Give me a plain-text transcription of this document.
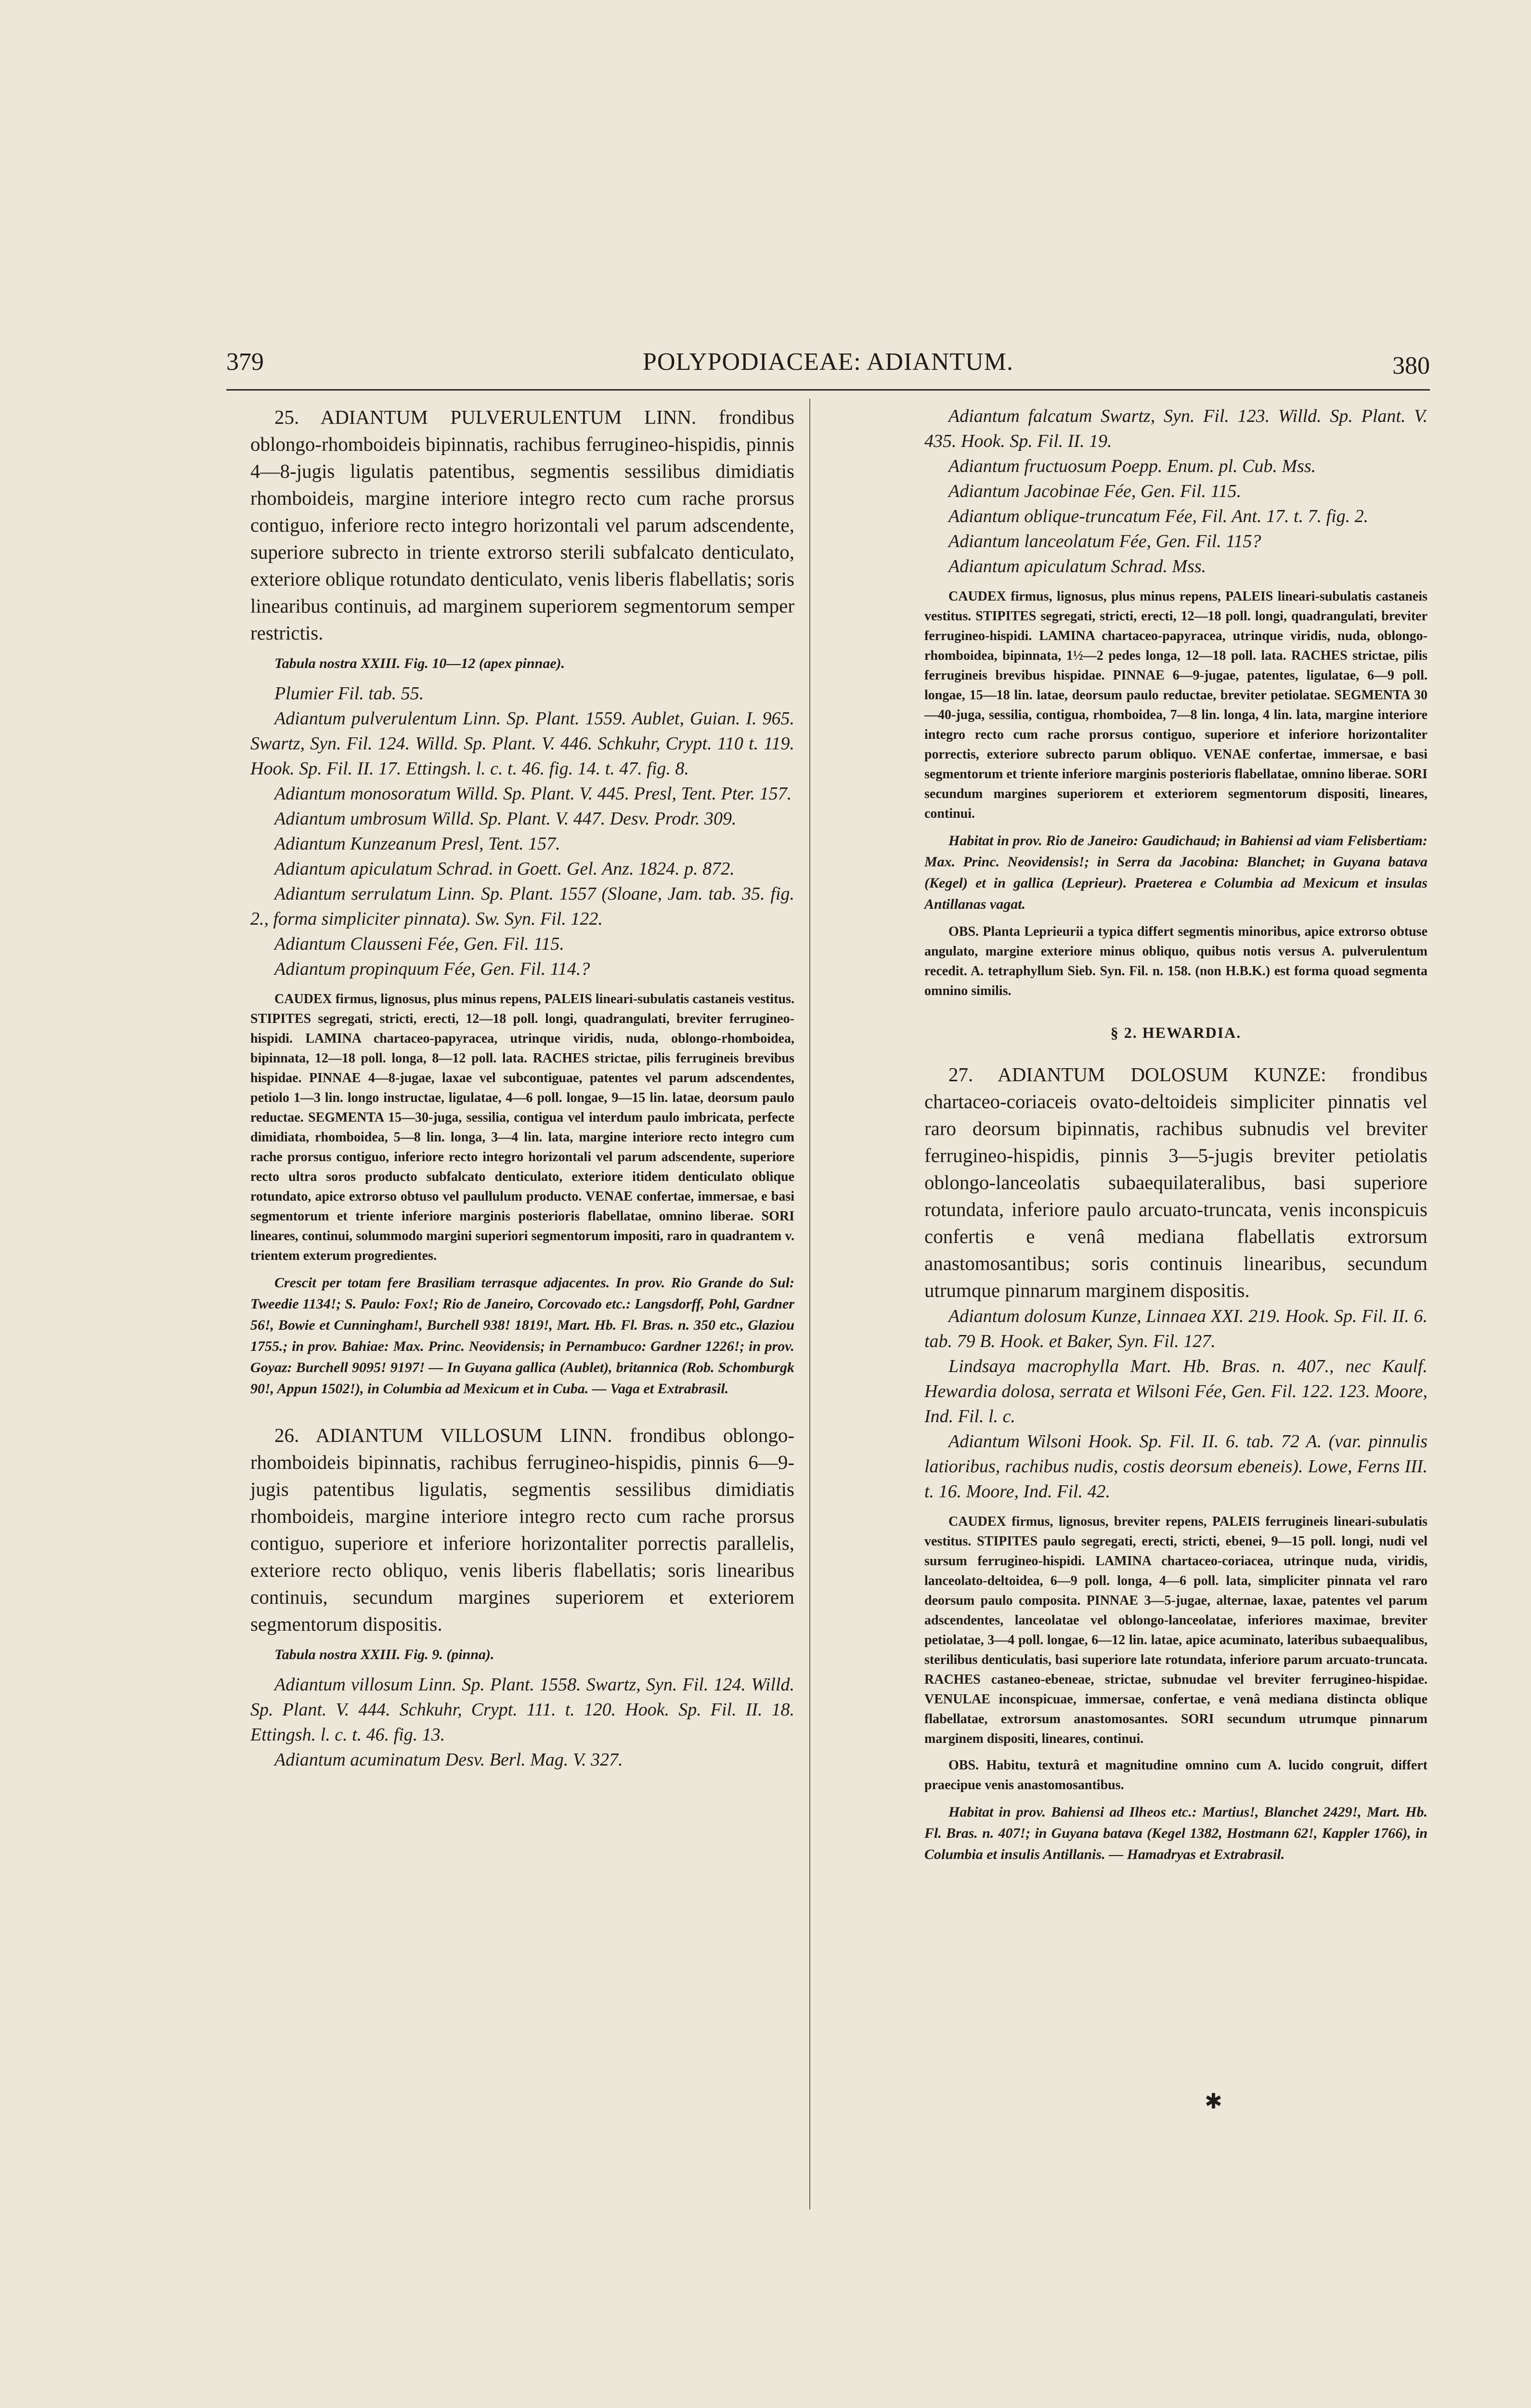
379	POLYPODIACEAE: ADIANTUM.	380

25. ADIANTUM PULVERULENTUM LINN. frondibus oblongo-rhomboideis bipinnatis, rachibus ferrugineo-hispidis, pinnis 4—8-jugis ligulatis patentibus, segmentis sessilibus dimidiatis rhomboideis, margine interiore integro recto cum rache prorsus contiguo, inferiore recto integro horizontali vel parum adscendente, superiore subrecto in triente extrorso sterili subfalcato denticulato, exteriore oblique rotundato denticulato, venis liberis flabellatis; soris linearibus continuis, ad marginem superiorem segmentorum semper restrictis.

Tabula nostra XXIII. Fig. 10—12 (apex pinnae).

Plumier Fil. tab. 55.

Adiantum pulverulentum Linn. Sp. Plant. 1559. Aublet, Guian. I. 965. Swartz, Syn. Fil. 124. Willd. Sp. Plant. V. 446. Schkuhr, Crypt. 110 t. 119. Hook. Sp. Fil. II. 17. Ettingsh. l. c. t. 46. fig. 14. t. 47. fig. 8.

Adiantum monosoratum Willd. Sp. Plant. V. 445. Presl, Tent. Pter. 157.

Adiantum umbrosum Willd. Sp. Plant. V. 447. Desv. Prodr. 309.

Adiantum Kunzeanum Presl, Tent. 157.

Adiantum apiculatum Schrad. in Goett. Gel. Anz. 1824. p. 872.

Adiantum serrulatum Linn. Sp. Plant. 1557 (Sloane, Jam. tab. 35. fig. 2., forma simpliciter pinnata). Sw. Syn. Fil. 122.

Adiantum Clausseni Fée, Gen. Fil. 115.

Adiantum propinquum Fée, Gen. Fil. 114.?

CAUDEX firmus, lignosus, plus minus repens, PALEIS lineari-subulatis castaneis vestitus. STIPITES segregati, stricti, erecti, 12—18 poll. longi, quadrangulati, breviter ferrugineo-hispidi. LAMINA chartaceo-papyracea, utrinque viridis, nuda, oblongo-rhomboidea, bipinnata, 12—18 poll. longa, 8—12 poll. lata. RACHES strictae, pilis ferrugineis brevibus hispidae. PINNAE 4—8-jugae, laxae vel subcontiguae, patentes vel parum adscendentes, petiolo 1—3 lin. longo instructae, ligulatae, 4—6 poll. longae, 9—15 lin. latae, deorsum paulo reductae. SEGMENTA 15—30-juga, sessilia, contigua vel interdum paulo imbricata, perfecte dimidiata, rhomboidea, 5—8 lin. longa, 3—4 lin. lata, margine interiore recto integro cum rache prorsus contiguo, inferiore recto integro horizontali vel parum adscendente, superiore recto ultra soros producto subfalcato denticulato, exteriore itidem denticulato oblique rotundato, apice extrorso obtuso vel paullulum producto. VENAE confertae, immersae, e basi segmentorum et triente inferiore marginis posterioris flabellatae, omnino liberae. SORI lineares, continui, solummodo margini superiori segmentorum impositi, raro in quadrantem v. trientem exterum progredientes.

Crescit per totam fere Brasiliam terrasque adjacentes. In prov. Rio Grande do Sul: Tweedie 1134!; S. Paulo: Fox!; Rio de Janeiro, Corcovado etc.: Langsdorff, Pohl, Gardner 56!, Bowie et Cunningham!, Burchell 938! 1819!, Mart. Hb. Fl. Bras. n. 350 etc., Glaziou 1755.; in prov. Bahiae: Max. Princ. Neovidensis; in Pernambuco: Gardner 1226!; in prov. Goyaz: Burchell 9095! 9197! — In Guyana gallica (Aublet), britannica (Rob. Schomburgk 90!, Appun 1502!), in Columbia ad Mexicum et in Cuba. — Vaga et Extrabrasil.

26. ADIANTUM VILLOSUM LINN. frondibus oblongo-rhomboideis bipinnatis, rachibus ferrugineo-hispidis, pinnis 6—9-jugis patentibus ligulatis, segmentis sessilibus dimidiatis rhomboideis, margine interiore integro recto cum rache prorsus contiguo, superiore et inferiore horizontaliter porrectis parallelis, exteriore recto obliquo, venis liberis flabellatis; soris linearibus continuis, secundum margines superiorem et exteriorem segmentorum dispositis.

Tabula nostra XXIII. Fig. 9. (pinna).

Adiantum villosum Linn. Sp. Plant. 1558. Swartz, Syn. Fil. 124. Willd. Sp. Plant. V. 444. Schkuhr, Crypt. 111. t. 120. Hook. Sp. Fil. II. 18. Ettingsh. l. c. t. 46. fig. 13.

Adiantum acuminatum Desv. Berl. Mag. V. 327.

Adiantum falcatum Swartz, Syn. Fil. 123. Willd. Sp. Plant. V. 435. Hook. Sp. Fil. II. 19.

Adiantum fructuosum Poepp. Enum. pl. Cub. Mss.

Adiantum Jacobinae Fée, Gen. Fil. 115.

Adiantum oblique-truncatum Fée, Fil. Ant. 17. t. 7. fig. 2.

Adiantum lanceolatum Fée, Gen. Fil. 115?

Adiantum apiculatum Schrad. Mss.

CAUDEX firmus, lignosus, plus minus repens, PALEIS lineari-subulatis castaneis vestitus. STIPITES segregati, stricti, erecti, 12—18 poll. longi, quadrangulati, breviter ferrugineo-hispidi. LAMINA chartaceo-papyracea, utrinque viridis, nuda, oblongo-rhomboidea, bipinnata, 1½—2 pedes longa, 12—18 poll. lata. RACHES strictae, pilis ferrugineis brevibus hispidae. PINNAE 6—9-jugae, patentes, ligulatae, 6—9 poll. longae, 15—18 lin. latae, deorsum paulo reductae, breviter petiolatae. SEGMENTA 30—40-juga, sessilia, contigua, rhomboidea, 7—8 lin. longa, 4 lin. lata, margine interiore integro recto cum rache prorsus contiguo, superiore et inferiore horizontaliter porrectis, exteriore subrecto parum obliquo. VENAE confertae, immersae, e basi segmentorum et triente inferiore marginis posterioris flabellatae, omnino liberae. SORI secundum margines superiorem et exteriorem segmentorum dispositi, lineares, continui.

Habitat in prov. Rio de Janeiro: Gaudichaud; in Bahiensi ad viam Felisbertiam: Max. Princ. Neovidensis!; in Serra da Jacobina: Blanchet; in Guyana batava (Kegel) et in gallica (Leprieur). Praeterea e Columbia ad Mexicum et insulas Antillanas vagat.

OBS. Planta Leprieurii a typica differt segmentis minoribus, apice extrorso obtuse angulato, margine exteriore minus obliquo, quibus notis versus A. pulverulentum recedit. A. tetraphyllum Sieb. Syn. Fil. n. 158. (non H.B.K.) est forma quoad segmenta omnino similis.

§ 2. HEWARDIA.

27. ADIANTUM DOLOSUM KUNZE: frondibus chartaceo-coriaceis ovato-deltoideis simpliciter pinnatis vel raro deorsum bipinnatis, rachibus subnudis vel breviter ferrugineo-hispidis, pinnis 3—5-jugis breviter petiolatis oblongo-lanceolatis subaequilateralibus, basi superiore rotundata, inferiore paulo arcuato-truncata, venis inconspicuis confertis e venâ mediana flabellatis extrorsum anastomosantibus; soris continuis linearibus, secundum utrumque pinnarum marginem dispositis.

Adiantum dolosum Kunze, Linnaea XXI. 219. Hook. Sp. Fil. II. 6. tab. 79 B. Hook. et Baker, Syn. Fil. 127.

Lindsaya macrophylla Mart. Hb. Bras. n. 407., nec Kaulf. Hewardia dolosa, serrata et Wilsoni Fée, Gen. Fil. 122. 123. Moore, Ind. Fil. l. c.

Adiantum Wilsoni Hook. Sp. Fil. II. 6. tab. 72 A. (var. pinnulis latioribus, rachibus nudis, costis deorsum ebeneis). Lowe, Ferns III. t. 16. Moore, Ind. Fil. 42.

CAUDEX firmus, lignosus, breviter repens, PALEIS ferrugineis lineari-subulatis vestitus. STIPITES paulo segregati, erecti, stricti, ebenei, 9—15 poll. longi, nudi vel sursum ferrugineo-hispidi. LAMINA chartaceo-coriacea, utrinque nuda, viridis, lanceolato-deltoidea, 6—9 poll. longa, 4—6 poll. lata, simpliciter pinnata vel raro deorsum paulo composita. PINNAE 3—5-jugae, alternae, laxae, patentes vel parum adscendentes, lanceolatae vel oblongo-lanceolatae, inferiores maximae, breviter petiolatae, 3—4 poll. longae, 6—12 lin. latae, apice acuminato, lateribus subaequalibus, sterilibus denticulatis, basi superiore late rotundata, inferiore parum arcuato-truncata. RACHES castaneo-ebeneae, strictae, subnudae vel breviter ferrugineo-hispidae. VENULAE inconspicuae, immersae, confertae, e venâ mediana distincta oblique flabellatae, extrorsum anastomosantes. SORI secundum utrumque pinnarum marginem dispositi, lineares, continui.

OBS. Habitu, texturâ et magnitudine omnino cum A. lucido congruit, differt praecipue venis anastomosantibus.

Habitat in prov. Bahiensi ad Ilheos etc.: Martius!, Blanchet 2429!, Mart. Hb. Fl. Bras. n. 407!; in Guyana batava (Kegel 1382, Hostmann 62!, Kappler 1766), in Columbia et insulis Antillanis. — Hamadryas et Extrabrasil.

✱
